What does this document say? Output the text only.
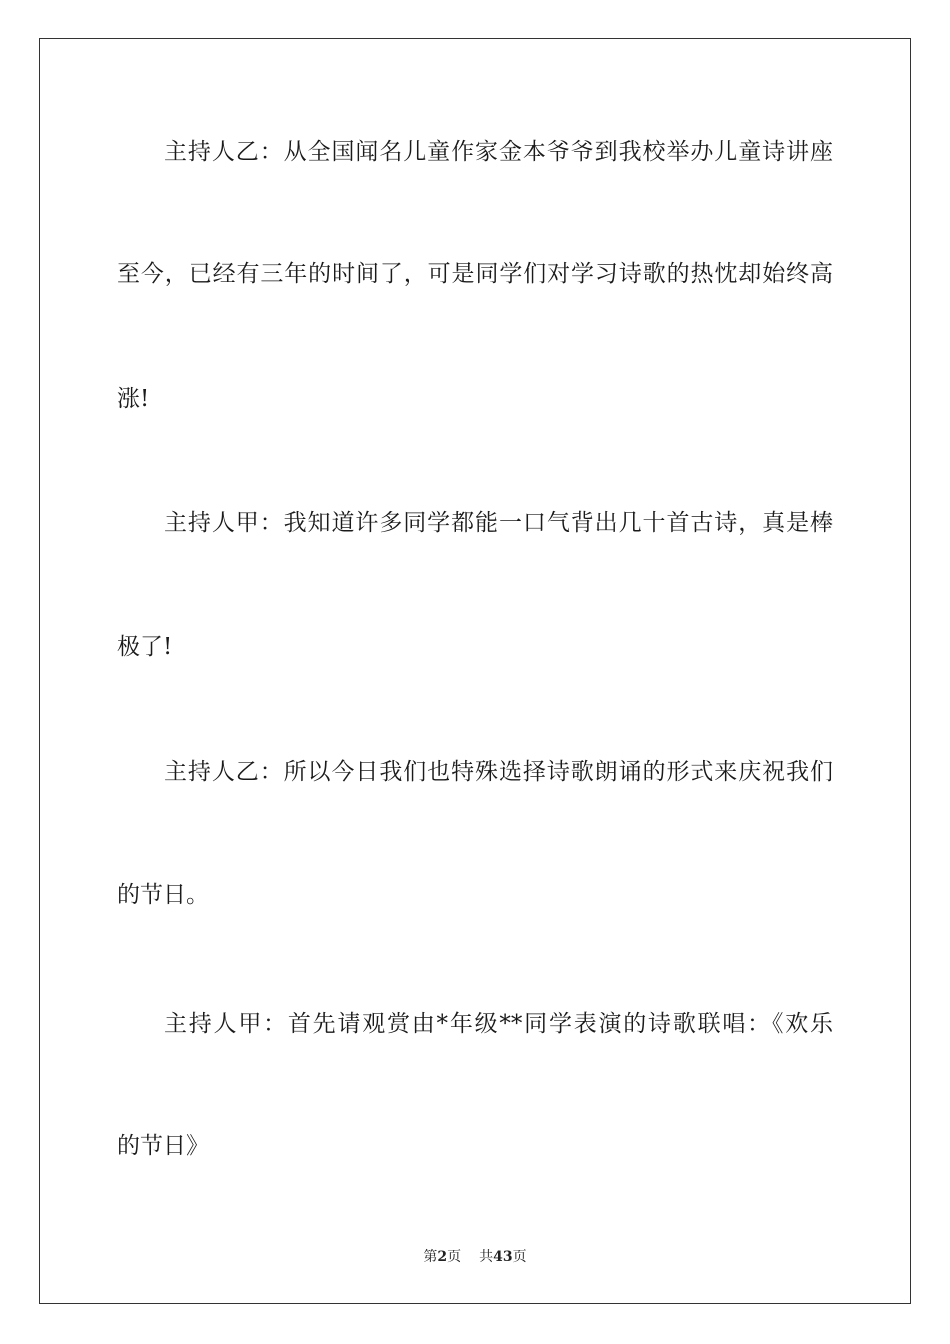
主持人乙：从全国闻名儿童作家金本爷爷到我校举办儿童诗讲座
至今，已经有三年的时间了，可是同学们对学习诗歌的热忱却始终高
涨!
主持人甲：我知道许多同学都能一口气背出几十首古诗，真是棒
极了!
主持人乙：所以今日我们也特殊选择诗歌朗诵的形式来庆祝我们
的节日。
主持人甲：首先请观赏由*年级**同学表演的诗歌联唱：《欢乐
的节日》
第2页 共43页
